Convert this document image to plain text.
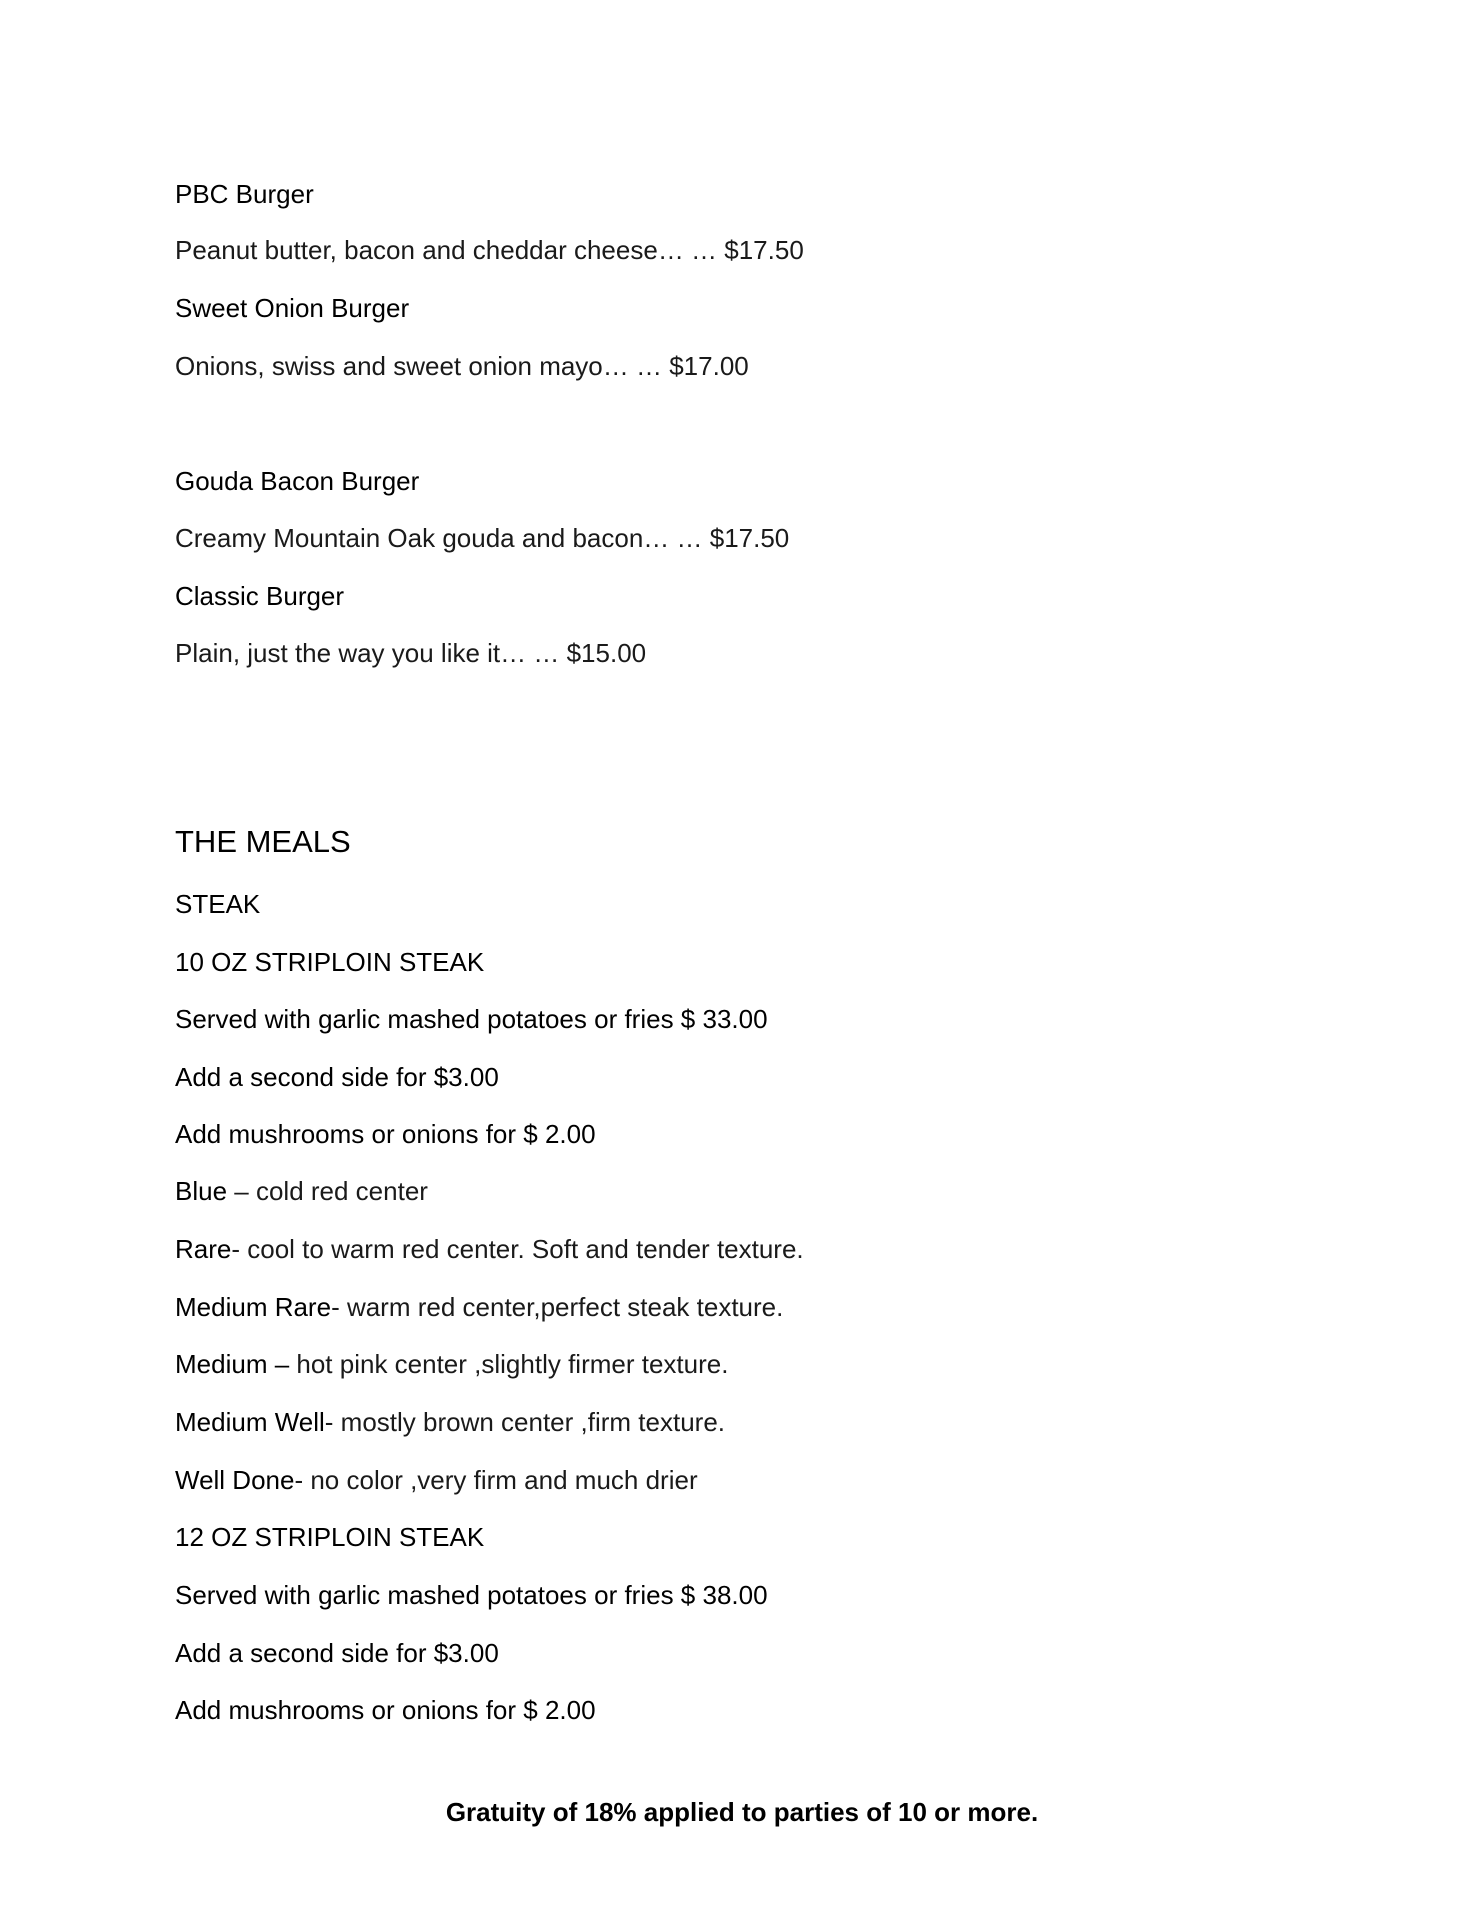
PBC Burger
Peanut butter, bacon and cheddar cheese… … $17.50
Sweet Onion Burger
Onions, swiss and sweet onion mayo… … $17.00
Gouda Bacon Burger
Creamy Mountain Oak gouda and bacon… … $17.50
Classic Burger
Plain, just the way you like it… … $15.00
THE MEALS
STEAK
10 OZ STRIPLOIN STEAK
Served with garlic mashed potatoes or fries $ 33.00
Add a second side for $3.00
Add mushrooms or onions for $ 2.00
Blue – cold red center
Rare- cool to warm red center. Soft and tender texture.
Medium Rare- warm red center,perfect steak texture.
Medium – hot pink center ,slightly firmer texture.
Medium Well- mostly brown center ,firm texture.
Well Done- no color ,very firm and much drier
12 OZ STRIPLOIN STEAK
Served with garlic mashed potatoes or fries $ 38.00
Add a second side for $3.00
Add mushrooms or onions for $ 2.00
Gratuity of 18% applied to parties of 10 or more.
